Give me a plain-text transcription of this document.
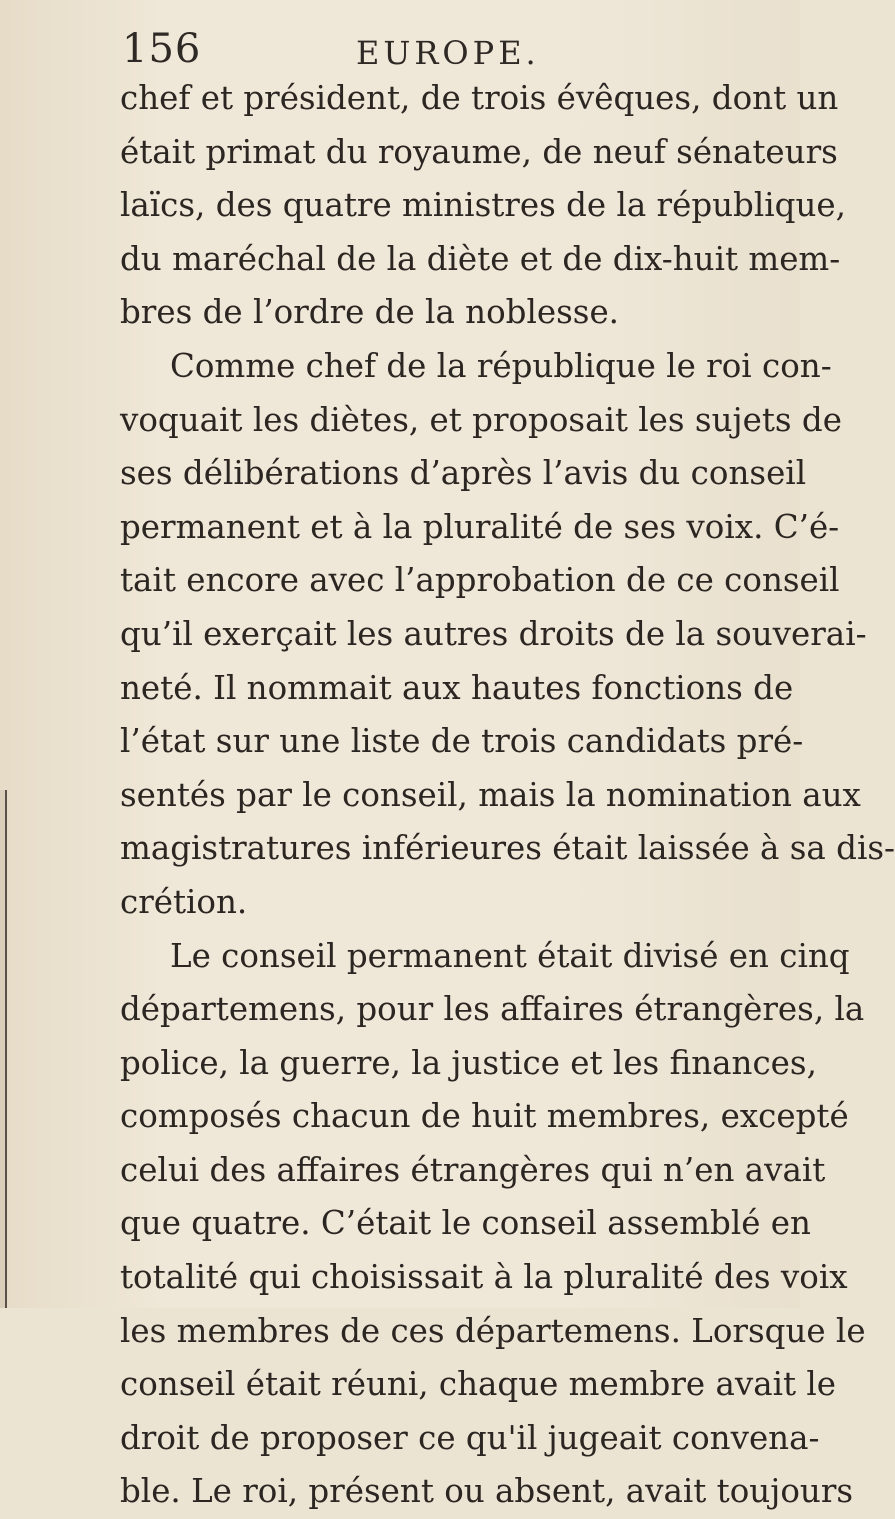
156	EUROPE.
chef et président, de trois évêques, dont un
était primat du royaume, de neuf sénateurs
laïcs, des quatre ministres de la république,
du maréchal de la diète et de dix-huit mem-
bres de l’ordre de la noblesse.
Comme chef de la république le roi con-
voquait les diètes, et proposait les sujets de
ses délibérations d’après l’avis du conseil
permanent et à la pluralité de ses voix. C’é-
tait encore avec l’approbation de ce conseil
qu’il exerçait les autres droits de la souverai-
neté. Il nommait aux hautes fonctions de
l’état sur une liste de trois candidats pré-
sentés par le conseil, mais la nomination aux
magistratures inférieures était laissée à sa dis-
crétion.
Le conseil permanent était divisé en cinq
départemens, pour les affaires étrangères, la
police, la guerre, la justice et les finances,
composés chacun de huit membres, excepté
celui des affaires étrangères qui n’en avait
que quatre. C’était le conseil assemblé en
totalité qui choisissait à la pluralité des voix
les membres de ces départemens. Lorsque le
conseil était réuni, chaque membre avait le
droit de proposer ce qu'il jugeait convena-
ble. Le roi, présent ou absent, avait toujours
